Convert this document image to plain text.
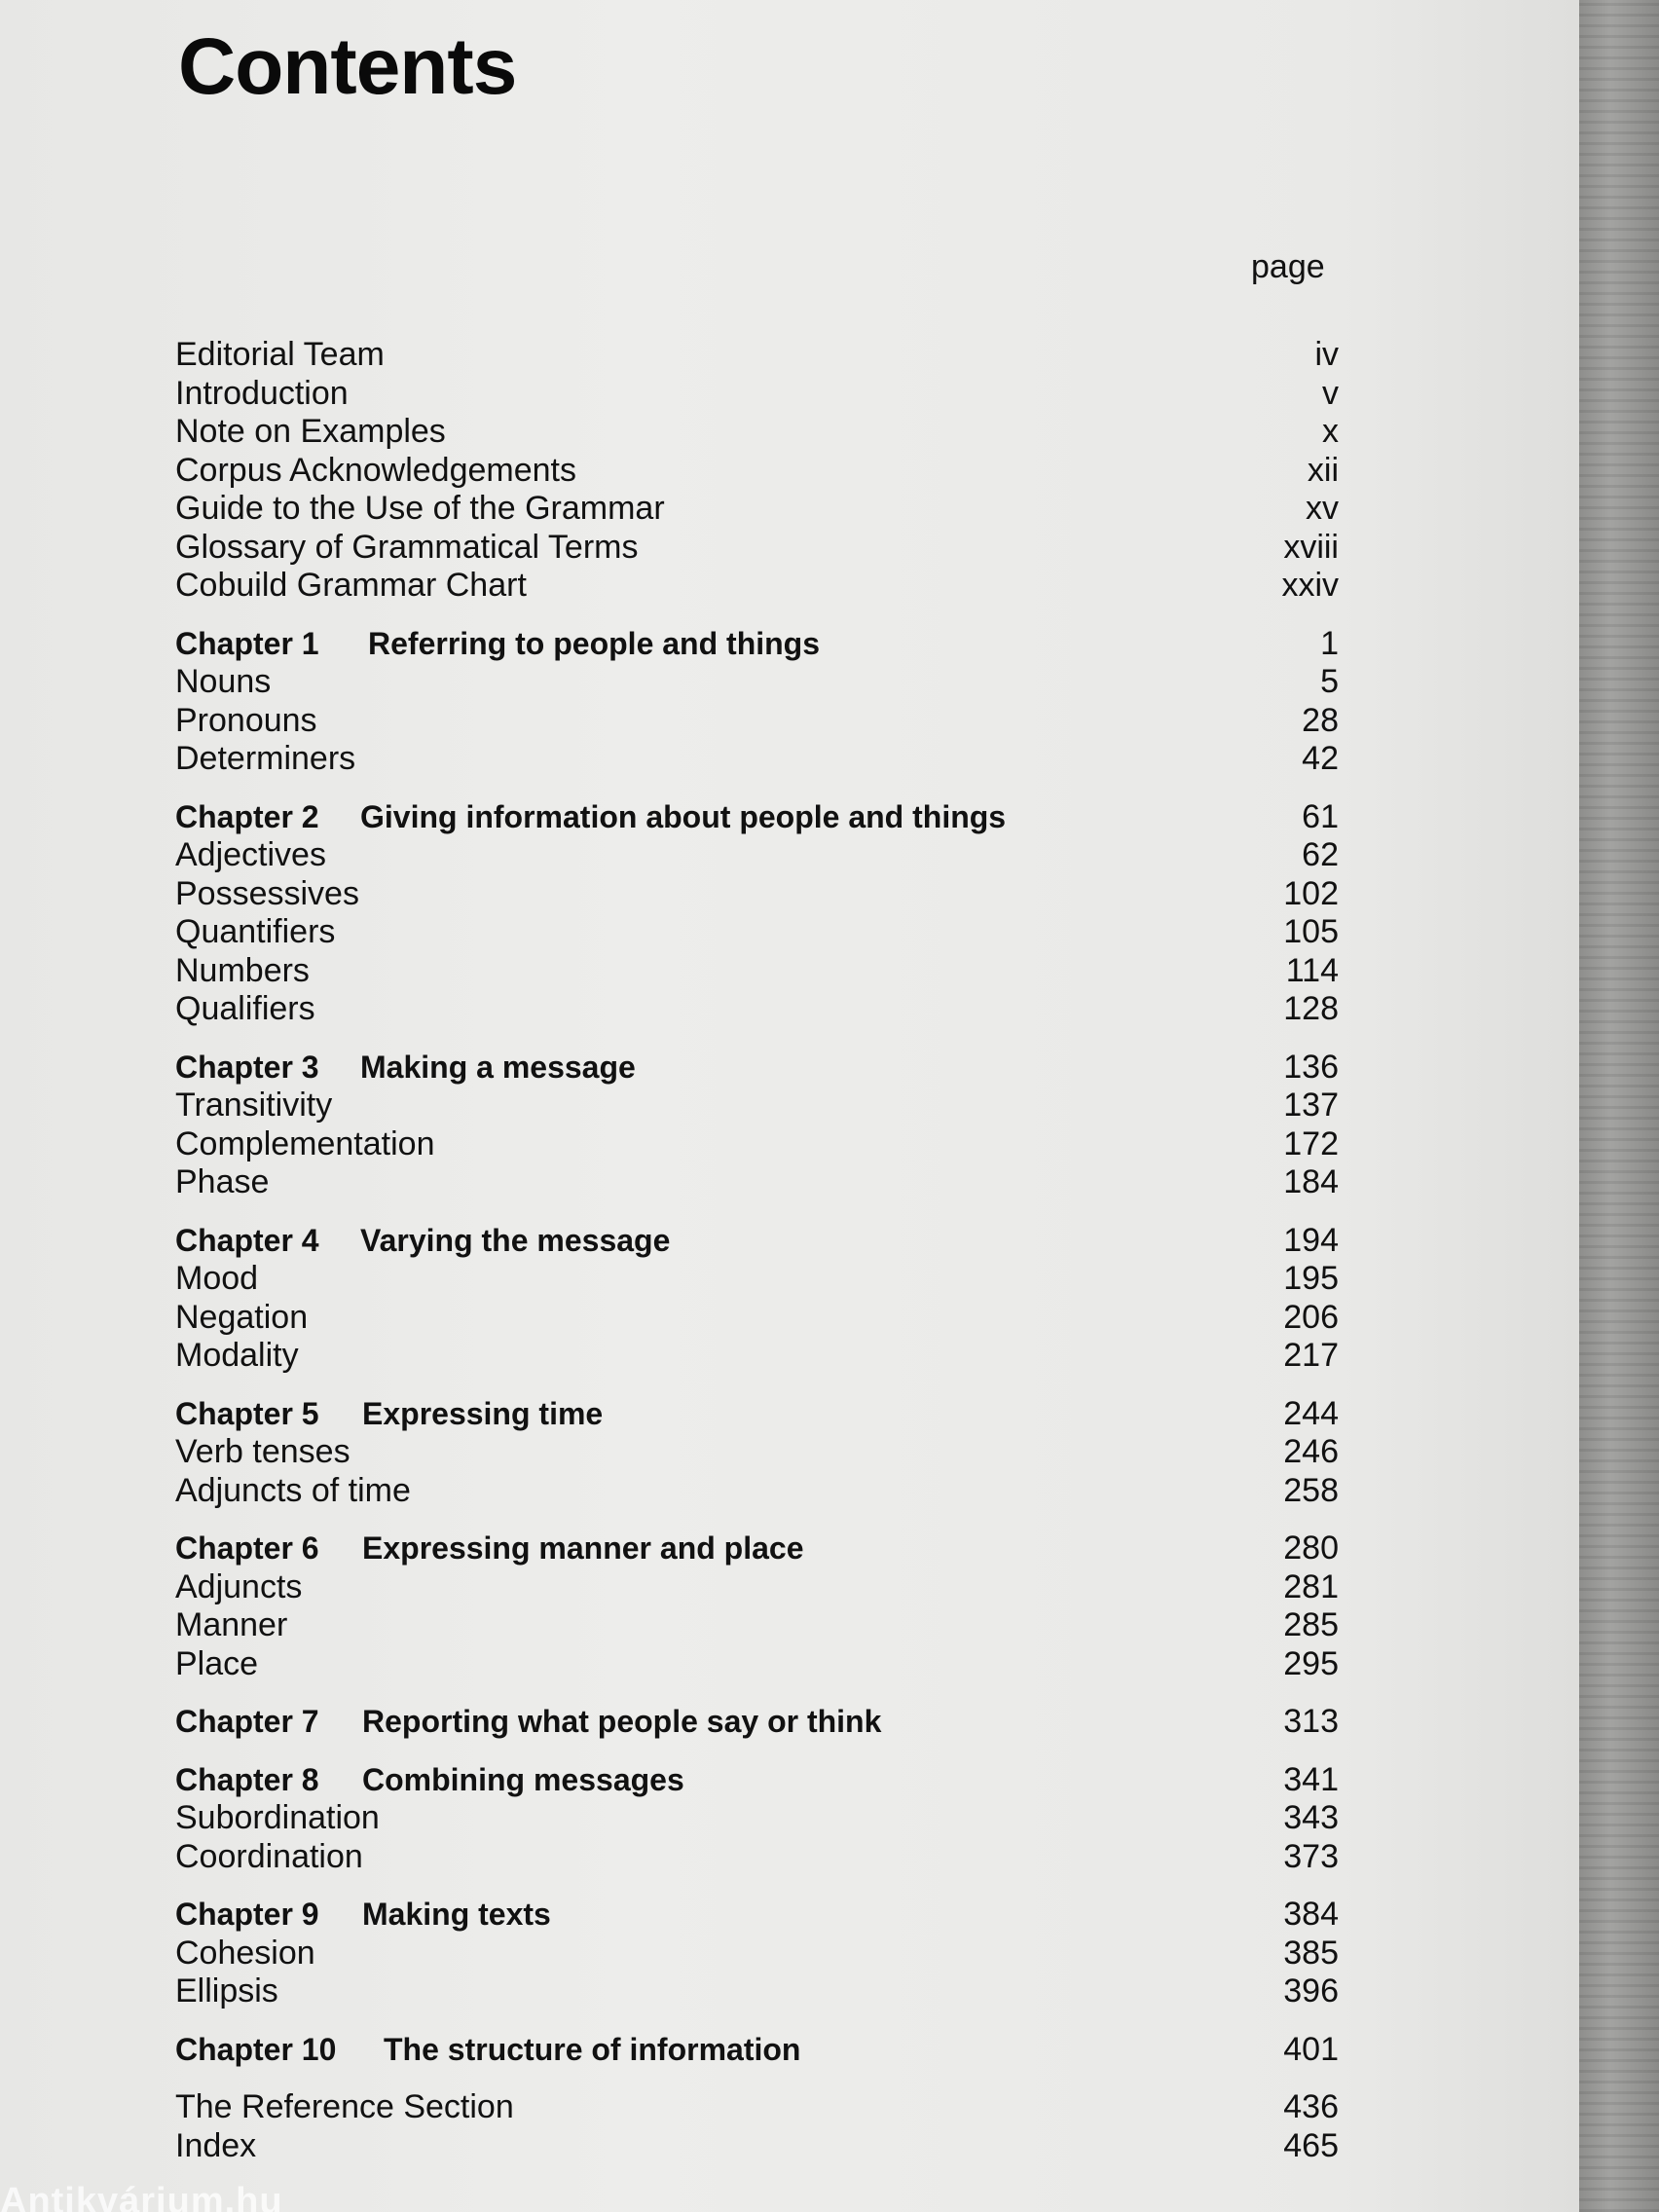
Contents
page
Editorial Team	iv
Introduction	v
Note on Examples	x
Corpus Acknowledgements	xii
Guide to the Use of the Grammar	xv
Glossary of Grammatical Terms	xviii
Cobuild Grammar Chart	xxiv
Chapter 1 Referring to people and things	1
Nouns	5
Pronouns	28
Determiners	42
Chapter 2 Giving information about people and things	61
Adjectives	62
Possessives	102
Quantifiers	105
Numbers	114
Qualifiers	128
Chapter 3 Making a message	136
Transitivity	137
Complementation	172
Phase	184
Chapter 4 Varying the message	194
Mood	195
Negation	206
Modality	217
Chapter 5 Expressing time	244
Verb tenses	246
Adjuncts of time	258
Chapter 6 Expressing manner and place	280
Adjuncts	281
Manner	285
Place	295
Chapter 7 Reporting what people say or think	313
Chapter 8 Combining messages	341
Subordination	343
Coordination	373
Chapter 9 Making texts	384
Cohesion	385
Ellipsis	396
Chapter 10 The structure of information	401
The Reference Section	436
Index	465
Antikvárium.hu
